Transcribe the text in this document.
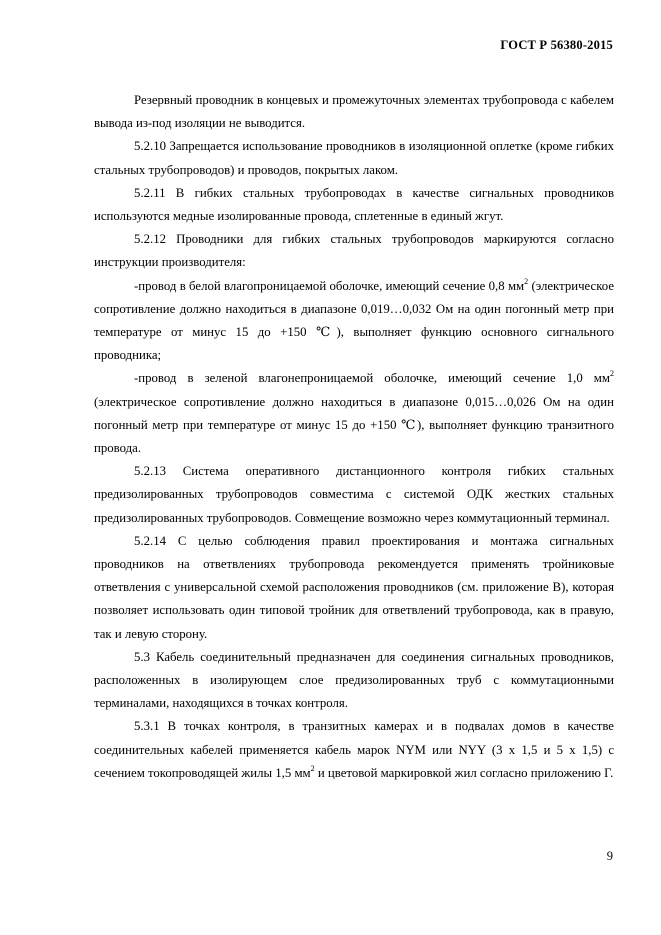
ГОСТ Р 56380-2015

Резервный проводник в концевых и промежуточных элементах трубопровода с кабелем вывода из-под изоляции не выводится.

5.2.10 Запрещается использование проводников в изоляционной оплетке (кроме гибких стальных трубопроводов) и проводов, покрытых лаком.

5.2.11 В гибких стальных трубопроводах в качестве сигнальных проводников используются медные изолированные провода, сплетенные в единый жгут.

5.2.12 Проводники для гибких стальных трубопроводов маркируются согласно инструкции производителя:

-провод в белой влагопроницаемой оболочке, имеющий сечение 0,8 $мм^2$ (электрическое сопротивление должно находиться в диапазоне 0,019…0,032 Ом на один погонный метр при температуре от минус 15 до +150 ℃), выполняет функцию основного сигнального проводника;

-провод в зеленой влагонепроницаемой оболочке, имеющий сечение 1,0 $мм^2$ (электрическое сопротивление должно находиться в диапазоне 0,015…0,026 Ом на один погонный метр при температуре от минус 15 до +150 ℃), выполняет функцию транзитного провода.

5.2.13 Система оперативного дистанционного контроля гибких стальных предизолированных трубопроводов совместима с системой ОДК жестких стальных предизолированных трубопроводов. Совмещение возможно через коммутационный терминал.

5.2.14 С целью соблюдения правил проектирования и монтажа сигнальных проводников на ответвлениях трубопровода рекомендуется применять тройниковые ответвления с универсальной схемой расположения проводников (см. приложение В), которая позволяет использовать один типовой тройник для ответвлений трубопровода, как в правую, так и левую сторону.

5.3 Кабель соединительный предназначен для соединения сигнальных проводников, расположенных в изолирующем слое предизолированных труб с коммутационными терминалами, находящихся в точках контроля.

5.3.1 В точках контроля, в транзитных камерах и в подвалах домов в качестве соединительных кабелей применяется кабель марок NYM или NYY (3 x 1,5 и 5 x 1,5) с сечением токопроводящей жилы 1,5 $мм^2$ и цветовой маркировкой жил согласно приложению Г.

9
